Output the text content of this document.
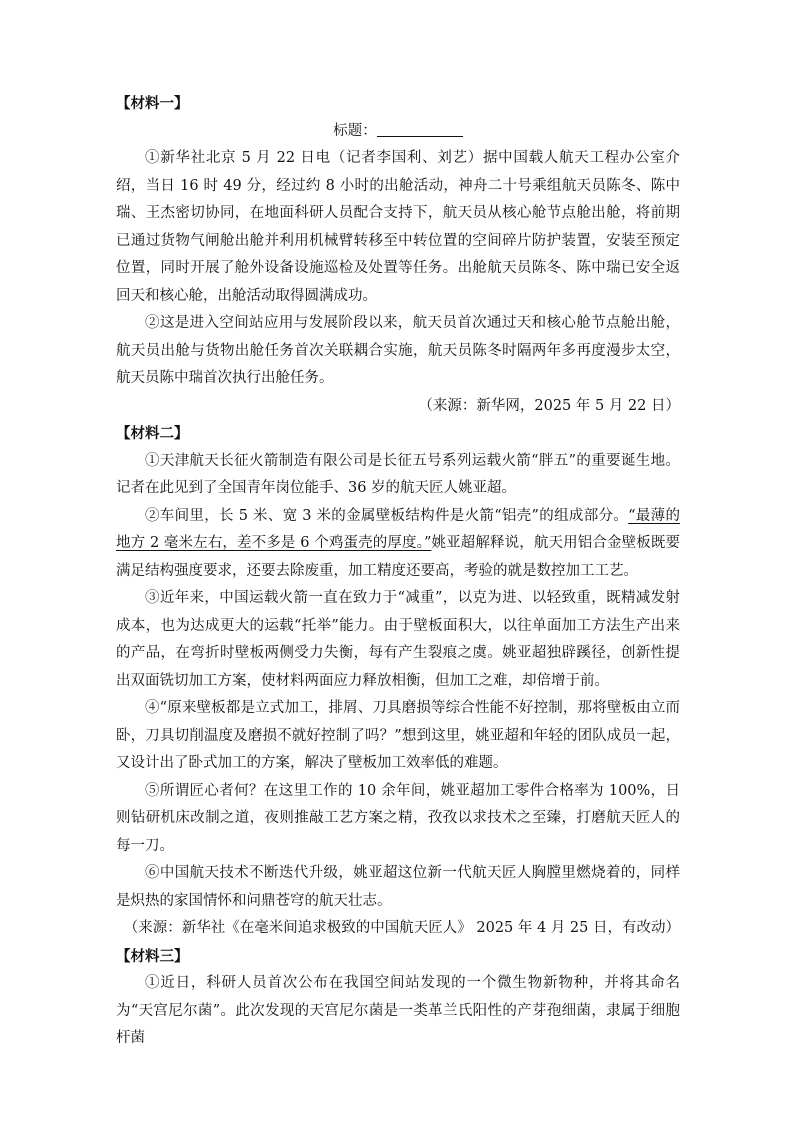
【材料一】

标题：

①新华社北京 5 月 22 日电（记者李国利、刘艺）据中国载人航天工程办公室介绍，当日 16 时 49 分，经过约 8 小时的出舱活动，神舟二十号乘组航天员陈冬、陈中瑞、王杰密切协同，在地面科研人员配合支持下，航天员从核心舱节点舱出舱，将前期已通过货物气闸舱出舱并利用机械臂转移至中转位置的空间碎片防护装置，安装至预定位置，同时开展了舱外设备设施巡检及处置等任务。出舱航天员陈冬、陈中瑞已安全返回天和核心舱，出舱活动取得圆满成功。

②这是进入空间站应用与发展阶段以来，航天员首次通过天和核心舱节点舱出舱，航天员出舱与货物出舱任务首次关联耦合实施，航天员陈冬时隔两年多再度漫步太空，航天员陈中瑞首次执行出舱任务。

（来源：新华网，2025 年 5 月 22 日）

【材料二】

①天津航天长征火箭制造有限公司是长征五号系列运载火箭“胖五”的重要诞生地。记者在此见到了全国青年岗位能手、36 岁的航天匠人姚亚超。

②车间里，长 5 米、宽 3 米的金属壁板结构件是火箭“铝壳”的组成部分。“最薄的地方 2 毫米左右，差不多是 6 个鸡蛋壳的厚度。”姚亚超解释说，航天用铝合金壁板既要满足结构强度要求，还要去除废重，加工精度还要高，考验的就是数控加工工艺。

③近年来，中国运载火箭一直在致力于“减重”，以克为进、以轻致重，既精减发射成本，也为达成更大的运载“托举”能力。由于壁板面积大，以往单面加工方法生产出来的产品，在弯折时壁板两侧受力失衡，每有产生裂痕之虞。姚亚超独辟蹊径，创新性提出双面铣切加工方案，使材料两面应力释放相衡，但加工之难，却倍增于前。

④“原来壁板都是立式加工，排屑、刀具磨损等综合性能不好控制，那将壁板由立而卧，刀具切削温度及磨损不就好控制了吗？”想到这里，姚亚超和年轻的团队成员一起，又设计出了卧式加工的方案，解决了壁板加工效率低的难题。

⑤所谓匠心者何？在这里工作的 10 余年间，姚亚超加工零件合格率为 100%，日则钻研机床改制之道，夜则推敲工艺方案之精，孜孜以求技术之至臻，打磨航天匠人的每一刀。

⑥中国航天技术不断迭代升级，姚亚超这位新一代航天匠人胸膛里燃烧着的，同样是炽热的家国情怀和问鼎苍穹的航天壮志。

（来源：新华社《在毫米间追求极致的中国航天匠人》 2025 年 4 月 25 日，有改动）

【材料三】

①近日，科研人员首次公布在我国空间站发现的一个微生物新物种，并将其命名为“天宫尼尔菌”。此次发现的天宫尼尔菌是一类革兰氏阳性的产芽孢细菌，隶属于细胞杆菌
